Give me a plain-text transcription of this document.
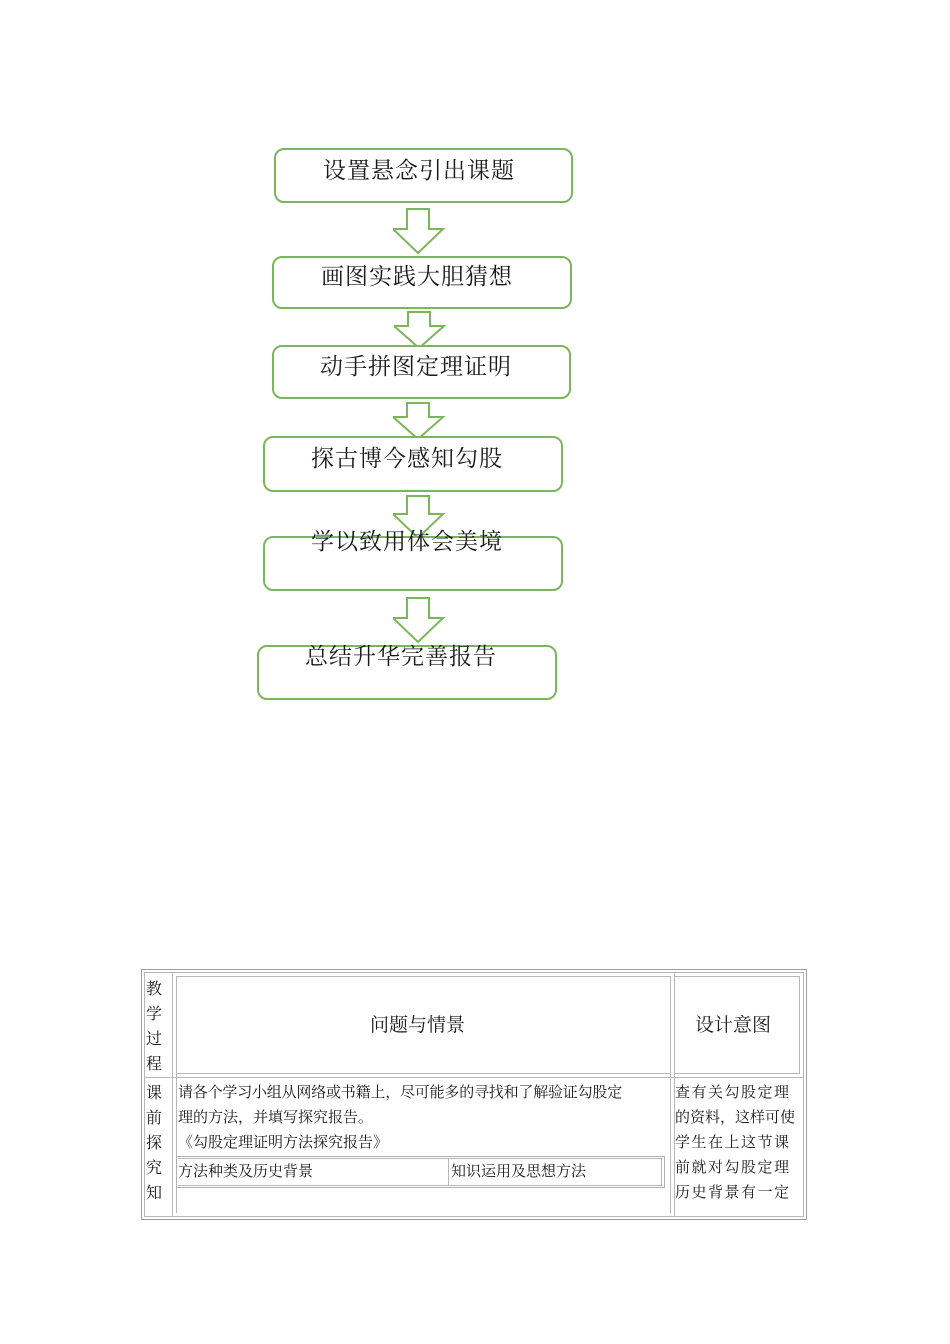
设置悬念引出课题
画图实践大胆猜想
动手拼图定理证明
探古博今感知勾股
学以致用体会美境
总结升华完善报告
教
学
过
程
问题与情景	设计意图
课
前
探
究
知
请各个学习小组从网络或书籍上，尽可能多的寻找和了解验证勾股定
理的方法，并填写探究报告。
《勾股定理证明方法探究报告》
方法种类及历史背景	知识运用及思想方法
查有关勾股定理
的资料，这样可使
学生在上这节课
前就对勾股定理
历史背景有一定
